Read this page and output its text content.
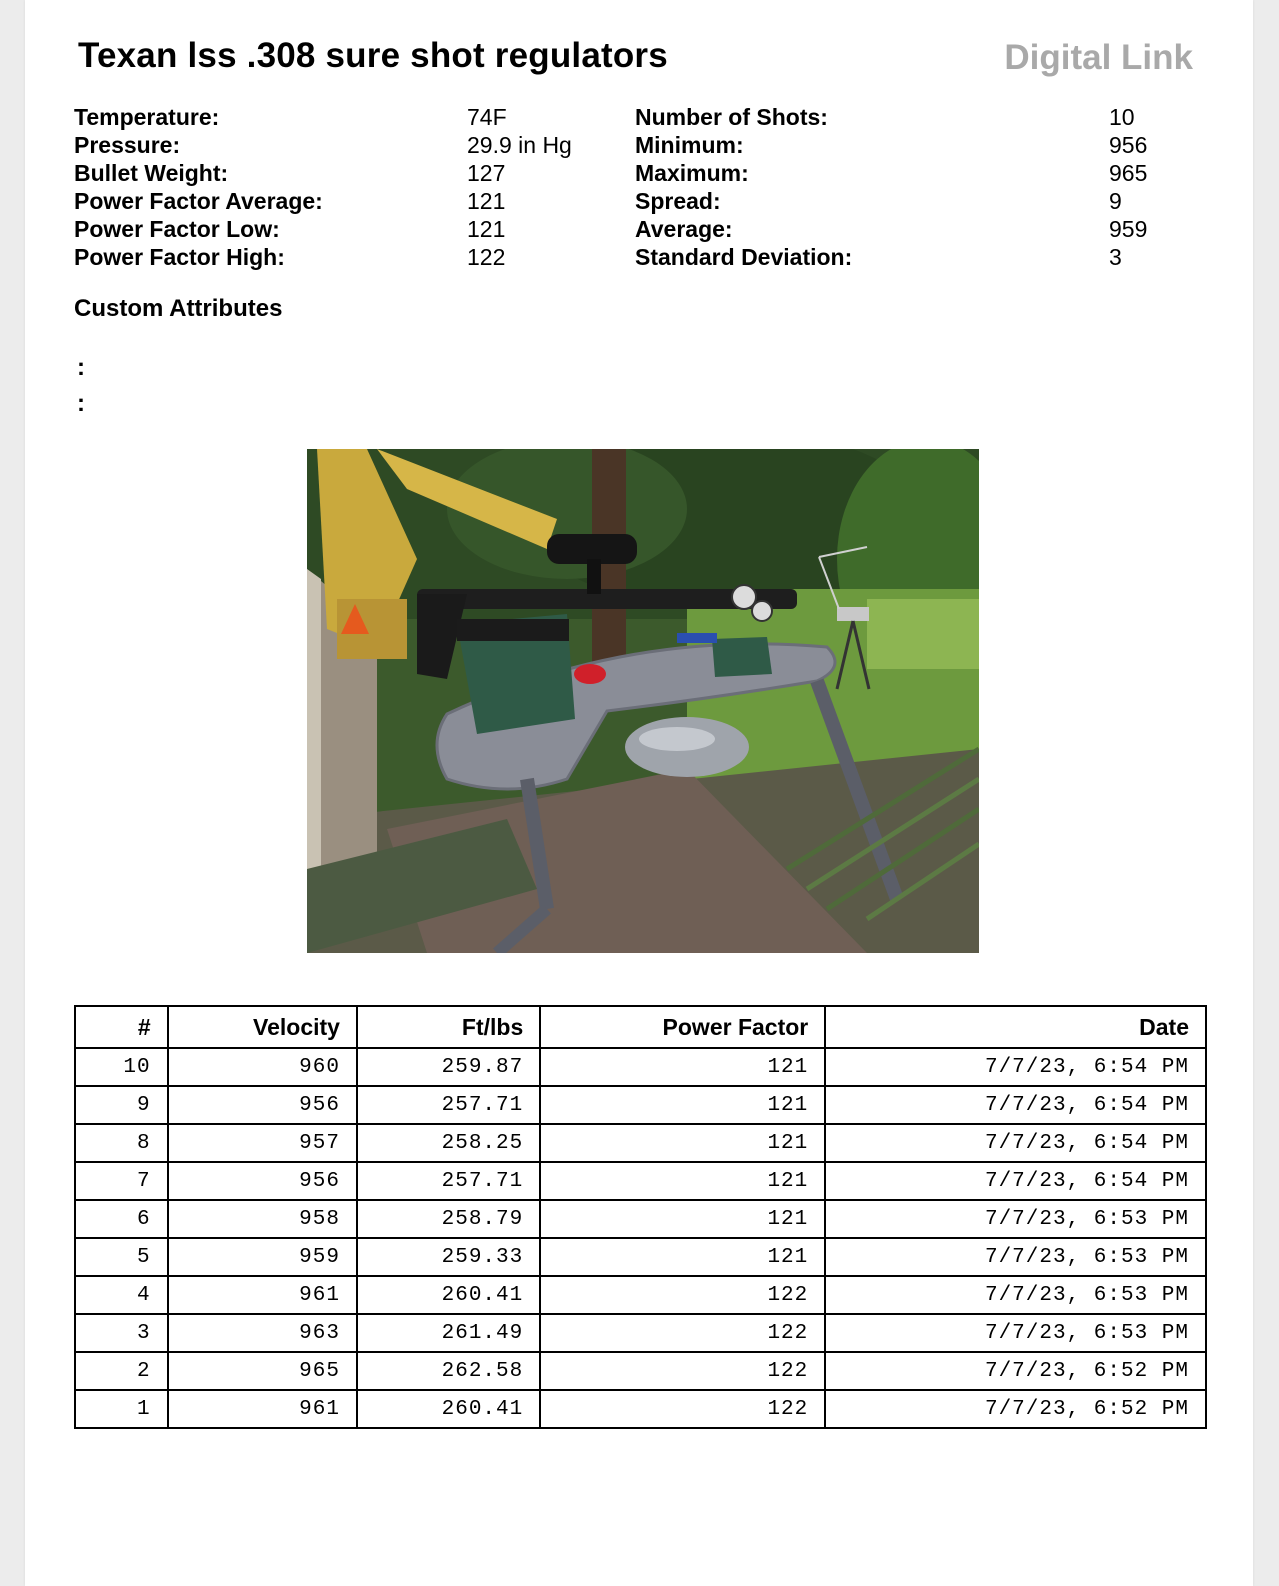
Texan lss .308 sure shot regulators	Digital Link
Temperature:	74F
Pressure:	29.9 in Hg
Bullet Weight:	127
Power Factor Average:	121
Power Factor Low:	121
Power Factor High:	122
Number of Shots:	10
Minimum:	956
Maximum:	965
Spread:	9
Average:	959
Standard Deviation:	3
Custom Attributes
:
:
#	Velocity	Ft/lbs	Power Factor	Date
10	960	259.87	121	7/7/23, 6:54 PM
9	956	257.71	121	7/7/23, 6:54 PM
8	957	258.25	121	7/7/23, 6:54 PM
7	956	257.71	121	7/7/23, 6:54 PM
6	958	258.79	121	7/7/23, 6:53 PM
5	959	259.33	121	7/7/23, 6:53 PM
4	961	260.41	122	7/7/23, 6:53 PM
3	963	261.49	122	7/7/23, 6:53 PM
2	965	262.58	122	7/7/23, 6:52 PM
1	961	260.41	122	7/7/23, 6:52 PM
